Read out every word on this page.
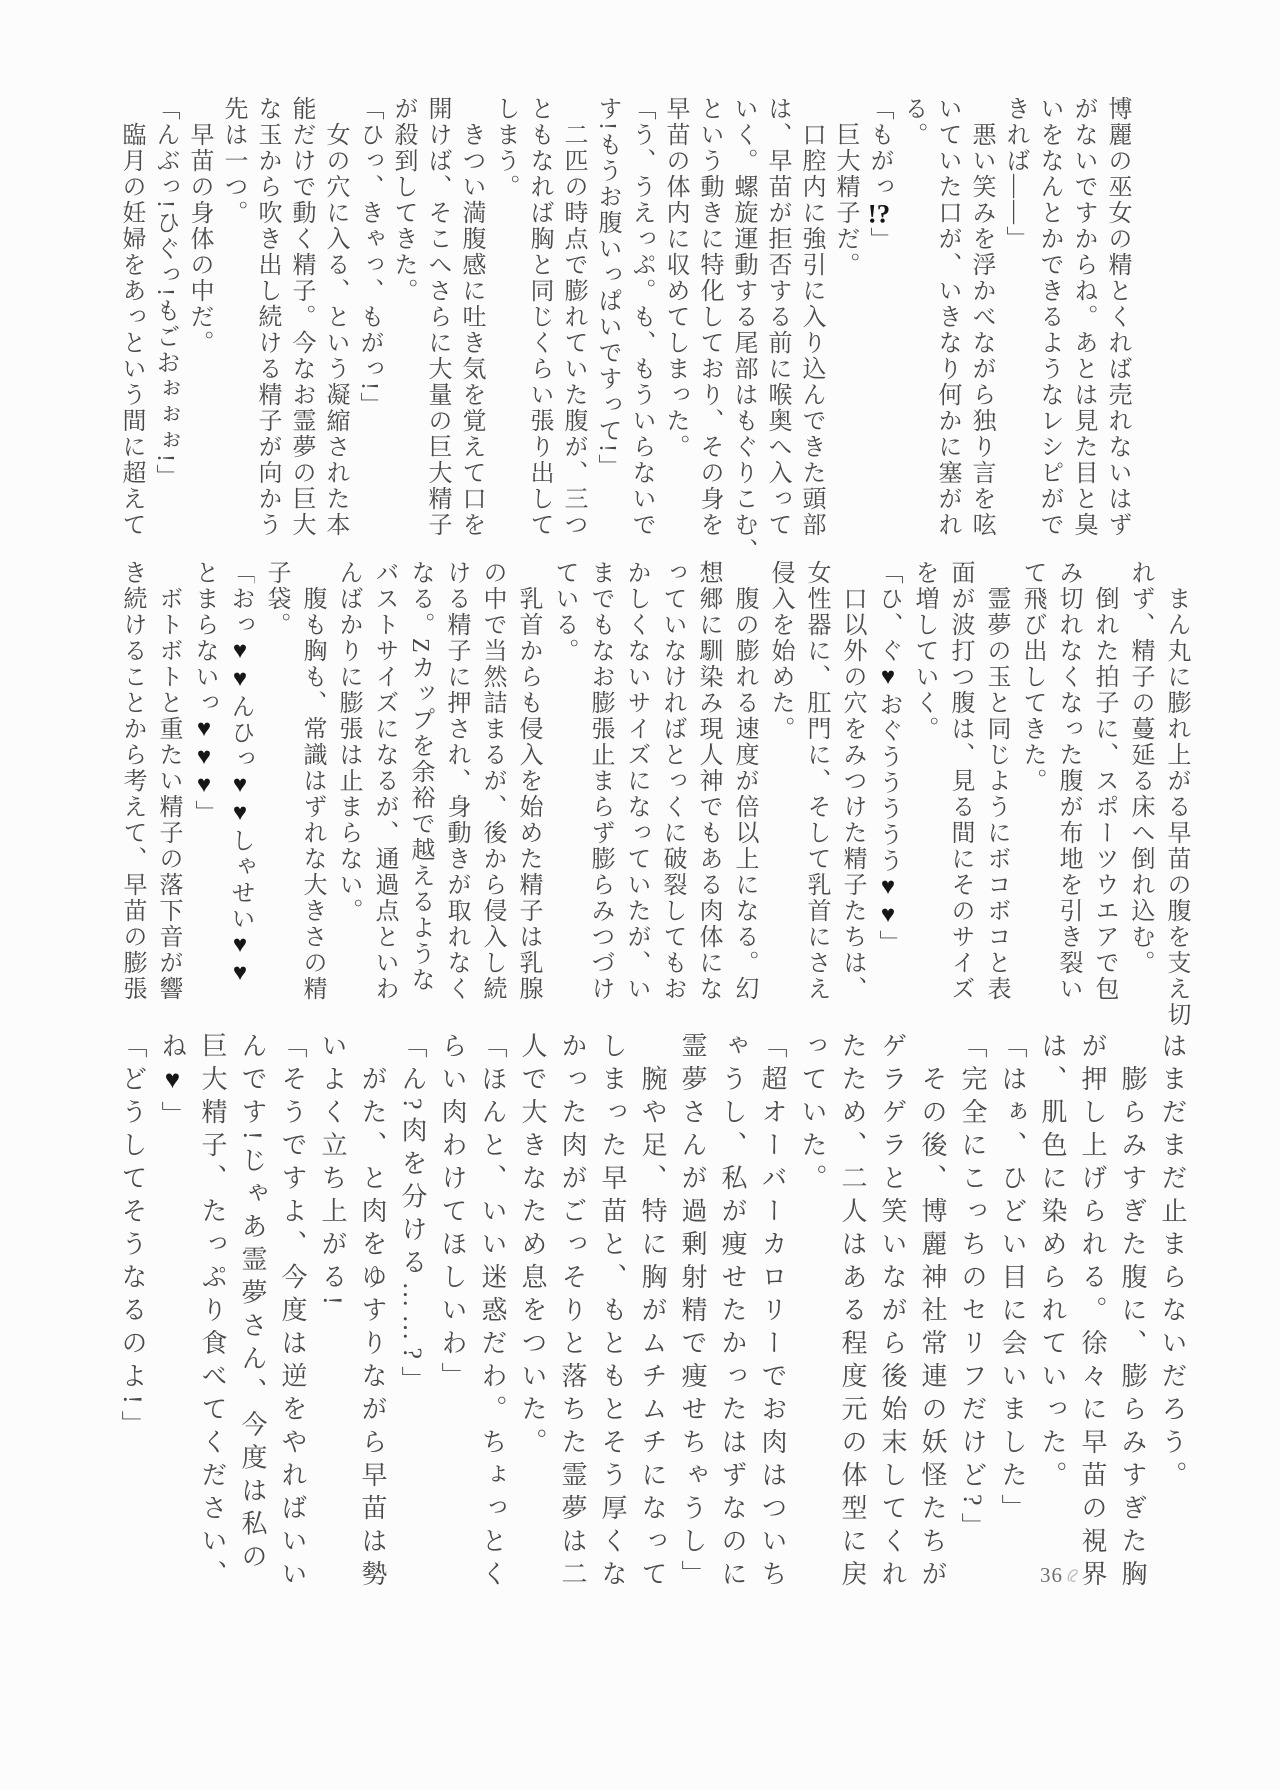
博麗の巫女の精とくれば売れないはず

がないですからね。あとは見た目と臭

いをなんとかできるようなレシピがで

きれば――」

　悪い笑みを浮かべながら独り言を呟

いていた口が、いきなり何かに塞がれ

る。

「もがっ!?」

　巨大精子だ。

　口腔内に強引に入り込んできた頭部

は、早苗が拒否する前に喉奥へ入って

いく。螺旋運動する尾部はもぐりこむ、

という動きに特化しており、その身を

早苗の体内に収めてしまった。

「う、うえっぷ。も、もういらないで

す!もうお腹いっぱいですって!」

　二匹の時点で膨れていた腹が、三つ

ともなれば胸と同じくらい張り出して

しまう。

　きつい満腹感に吐き気を覚えて口を

開けば、そこへさらに大量の巨大精子

が殺到してきた。

「ひっ、きゃっ、もがっ!」

　女の穴に入る、という凝縮された本

能だけで動く精子。今なお霊夢の巨大

な玉から吹き出し続ける精子が向かう

先は一つ。

　早苗の身体の中だ。

「んぶっ!ひぐっ!もごおぉぉぉ!」

　臨月の妊婦をあっという間に超えて

　まん丸に膨れ上がる早苗の腹を支え切

れず、精子の蔓延る床へ倒れ込む。

　倒れた拍子に、スポーツウエアで包

み切れなくなった腹が布地を引き裂い

て飛び出してきた。

　霊夢の玉と同じようにボコボコと表

面が波打つ腹は、見る間にそのサイズ

を増していく。

「ひ、ぐ♥おぐううううう♥♥」

　口以外の穴をみつけた精子たちは、

女性器に、肛門に、そして乳首にさえ

侵入を始めた。

　腹の膨れる速度が倍以上になる。幻

想郷に馴染み現人神でもある肉体にな

っていなければとっくに破裂してもお

かしくないサイズになっていたが、い

までもなお膨張止まらず膨らみつづけ

ている。

　乳首からも侵入を始めた精子は乳腺

の中で当然詰まるが、後から侵入し続

ける精子に押され、身動きが取れなく

なる。Zカップを余裕で越えるような

バストサイズになるが、通過点といわ

んばかりに膨張は止まらない。

　腹も胸も、常識はずれな大きさの精

子袋。

「おっ♥♥んひっ♥♥しゃせい♥♥

とまらないっ♥♥♥」

　ボトボトと重たい精子の落下音が響

き続けることから考えて、早苗の膨張

はまだまだ止まらないだろう。

　膨らみすぎた腹に、膨らみすぎた胸

が押し上げられる。徐々に早苗の視界

は、肌色に染められていった。

「はぁ、ひどい目に会いました」

「完全にこっちのセリフだけど?」

　その後、博麗神社常連の妖怪たちが

ゲラゲラと笑いながら後始末してくれ

たため、二人はある程度元の体型に戻

っていた。

「超オーバーカロリーでお肉はついち

ゃうし、私が痩せたかったはずなのに

霊夢さんが過剰射精で痩せちゃうし」

　腕や足、特に胸がムチムチになって

しまった早苗と、もともとそう厚くな

かった肉がごっそりと落ちた霊夢は二

人で大きなため息をついた。

「ほんと、いい迷惑だわ。ちょっとく

らい肉わけてほしいわ」

「ん?肉を分ける……?」

　がた、と肉をゆすりながら早苗は勢

いよく立ち上がる!

「そうですよ、今度は逆をやればいい

んです!じゃあ霊夢さん、今度は私の

巨大精子、たっぷり食べてください、

ね♥」

「どうしてそうなるのよ!」

36
